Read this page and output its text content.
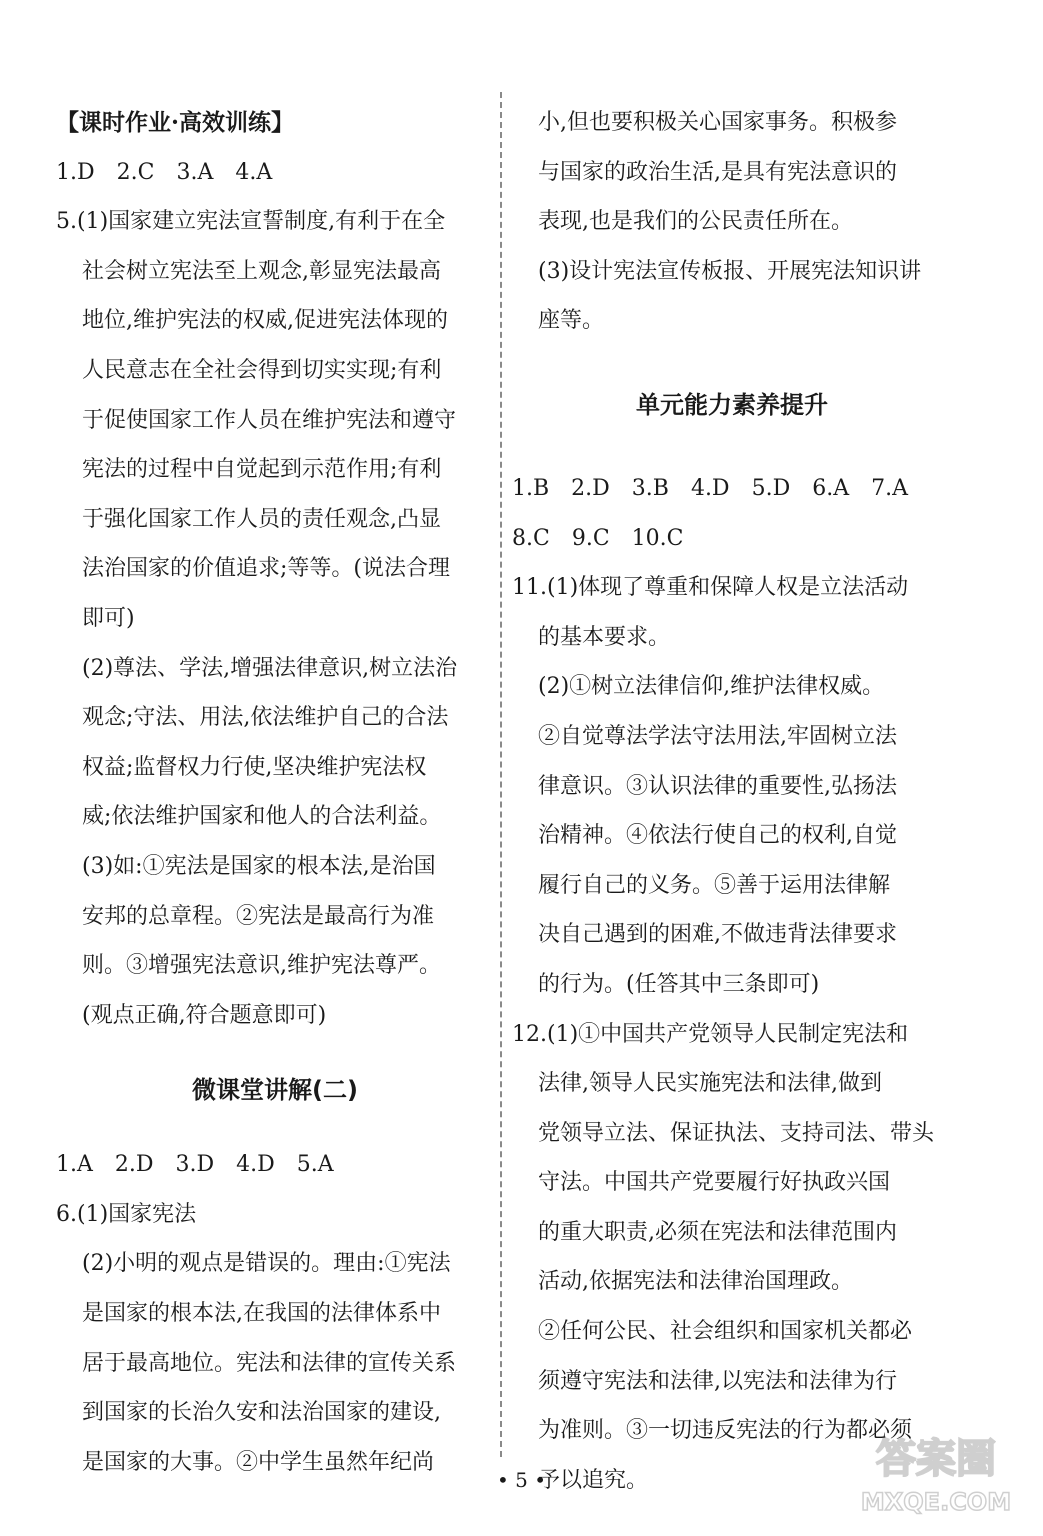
【课时作业·高效训练】
1.D　2.C　3.A　4.A
5.(1)国家建立宪法宣誓制度,有利于在全
社会树立宪法至上观念,彰显宪法最高
地位,维护宪法的权威,促进宪法体现的
人民意志在全社会得到切实实现;有利
于促使国家工作人员在维护宪法和遵守
宪法的过程中自觉起到示范作用;有利
于强化国家工作人员的责任观念,凸显
法治国家的价值追求;等等。(说法合理
即可)
(2)尊法、学法,增强法律意识,树立法治
观念;守法、用法,依法维护自己的合法
权益;监督权力行使,坚决维护宪法权
威;依法维护国家和他人的合法利益。
(3)如:①宪法是国家的根本法,是治国
安邦的总章程。②宪法是最高行为准
则。③增强宪法意识,维护宪法尊严。
(观点正确,符合题意即可)
微课堂讲解(二)
1.A　2.D　3.D　4.D　5.A
6.(1)国家宪法
(2)小明的观点是错误的。理由:①宪法
是国家的根本法,在我国的法律体系中
居于最高地位。宪法和法律的宣传关系
到国家的长治久安和法治国家的建设,
是国家的大事。②中学生虽然年纪尚
小,但也要积极关心国家事务。积极参
与国家的政治生活,是具有宪法意识的
表现,也是我们的公民责任所在。
(3)设计宪法宣传板报、开展宪法知识讲
座等。
单元能力素养提升
1.B　2.D　3.B　4.D　5.D　6.A　7.A
8.C　9.C　10.C
11.(1)体现了尊重和保障人权是立法活动
的基本要求。
(2)①树立法律信仰,维护法律权威。
②自觉尊法学法守法用法,牢固树立法
律意识。③认识法律的重要性,弘扬法
治精神。④依法行使自己的权利,自觉
履行自己的义务。⑤善于运用法律解
决自己遇到的困难,不做违背法律要求
的行为。(任答其中三条即可)
12.(1)①中国共产党领导人民制定宪法和
法律,领导人民实施宪法和法律,做到
党领导立法、保证执法、支持司法、带头
守法。中国共产党要履行好执政兴国
的重大职责,必须在宪法和法律范围内
活动,依据宪法和法律治国理政。
②任何公民、社会组织和国家机关都必
须遵守宪法和法律,以宪法和法律为行
为准则。③一切违反宪法的行为都必须
予以追究。
• 5 •	答案圈
MXQE.COM
